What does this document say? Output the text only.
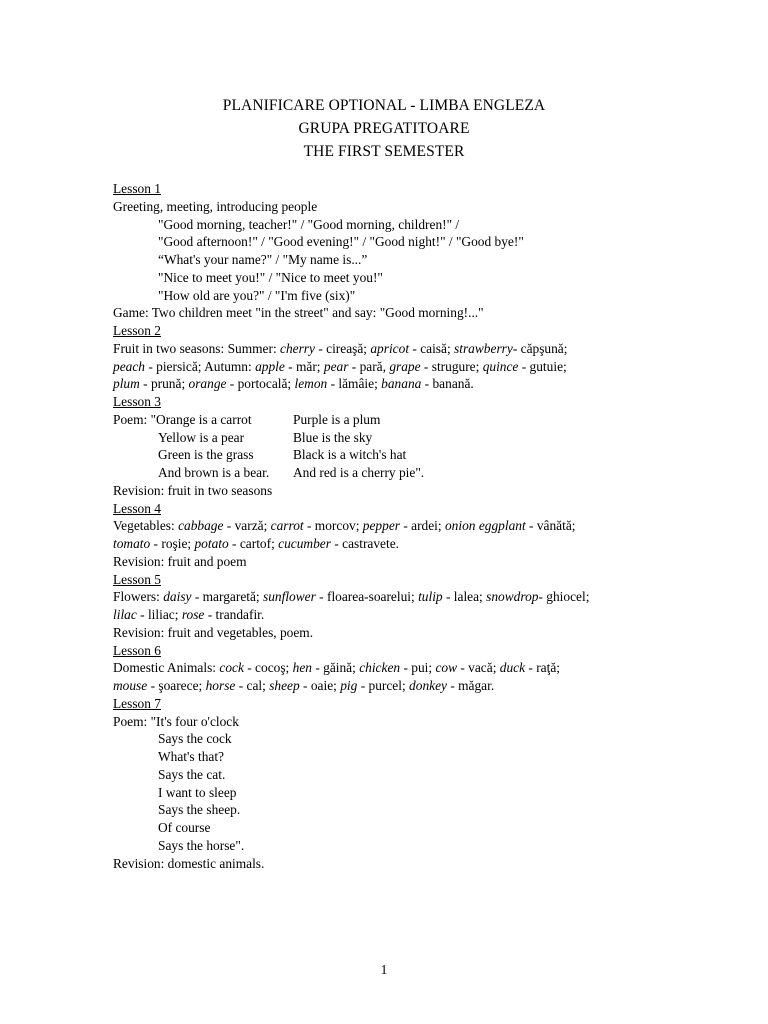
PLANIFICARE OPTIONAL - LIMBA ENGLEZA
GRUPA PREGATITOARE
THE FIRST SEMESTER
Lesson 1
Greeting, meeting, introducing people
"Good morning, teacher!" / "Good morning, children!" /
"Good afternoon!" / "Good evening!" / "Good night!" / "Good bye!"
“What's your name?" / "My name is...”
"Nice to meet you!" / "Nice to meet you!"
"How old are you?" / "I'm five (six)"
Game: Two children meet "in the street" and say: "Good morning!..."
Lesson 2
Fruit in two seasons: Summer: cherry - cireaşă; apricot - caisă; strawberry- căpşună;
peach - piersică; Autumn: apple - măr; pear - pară, grape - strugure; quince - gutuie;
plum - prună; orange - portocală; lemon - lămâie; banana - banană.
Lesson 3
Poem: "Orange is a carrot	Purple is a plum
Yellow is a pear	Blue is the sky
Green is the grass	Black is a witch's hat
And brown is a bear.	And red is a cherry pie".
Revision: fruit in two seasons
Lesson 4
Vegetables: cabbage - varză; carrot - morcov; pepper - ardei; onion eggplant - vânătă;
tomato - roşie; potato - cartof; cucumber - castravete.
Revision: fruit and poem
Lesson 5
Flowers: daisy - margaretă; sunflower - floarea-soarelui; tulip - lalea; snowdrop- ghiocel;
lilac - liliac; rose - trandafir.
Revision: fruit and vegetables, poem.
Lesson 6
Domestic Animals: cock - cocoş; hen - găină; chicken - pui; cow - vacă; duck - raţă;
mouse - şoarece; horse - cal; sheep - oaie; pig - purcel; donkey - măgar.
Lesson 7
Poem: "It's four o'clock
Says the cock
What's that?
Says the cat.
I want to sleep
Says the sheep.
Of course
Says the horse".
Revision: domestic animals.
1
